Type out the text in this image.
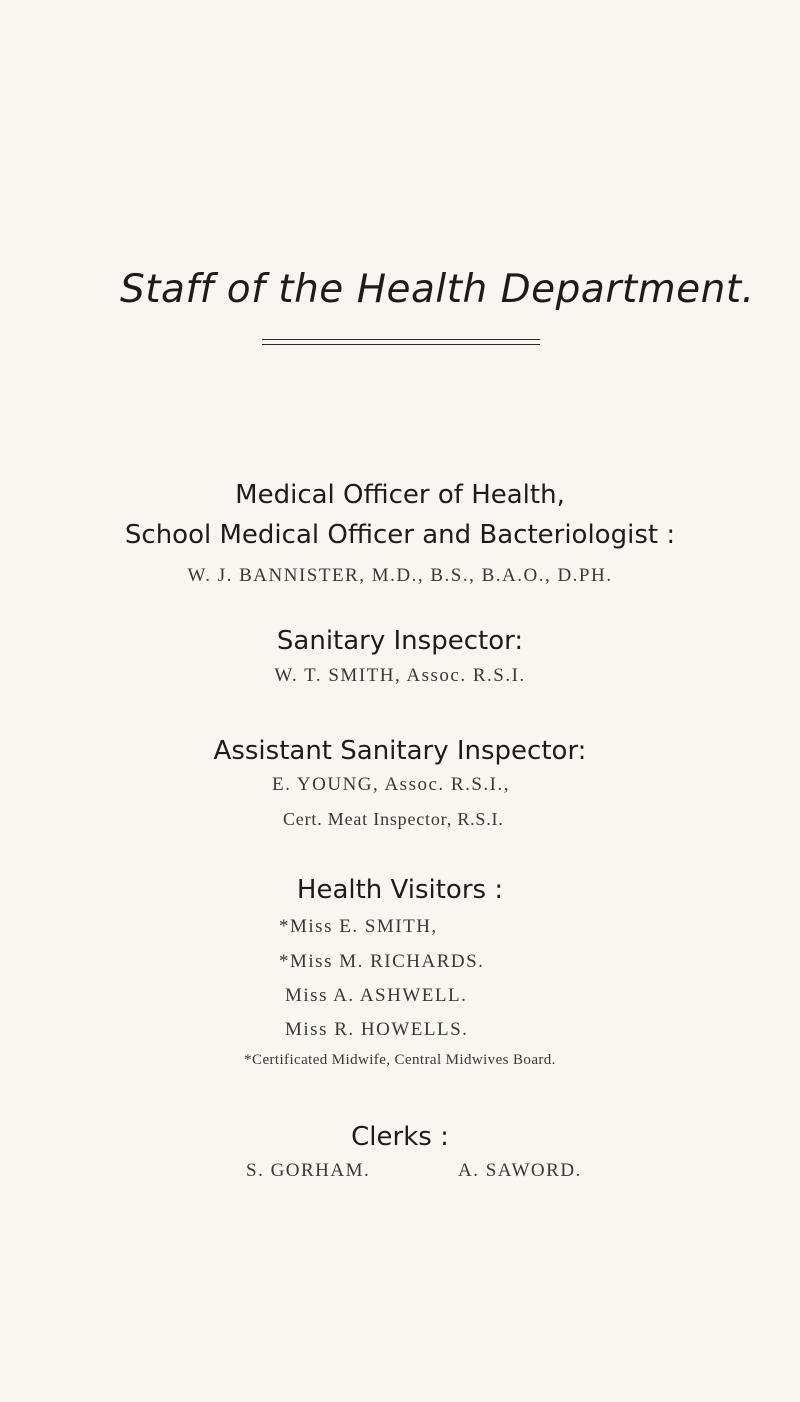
Staff of the Health Department.
Medical Officer of Health,
School Medical Officer and Bacteriologist :
W. J. BANNISTER, M.D., B.S., B.A.O., D.PH.
Sanitary Inspector:
W. T. SMITH, Assoc. R.S.I.
Assistant Sanitary Inspector:
E. YOUNG, Assoc. R.S.I.,
Cert. Meat Inspector, R.S.I.
Health Visitors :
*Miss E. SMITH,
*Miss M. RICHARDS.
Miss A. ASHWELL.
Miss R. HOWELLS.
*Certificated Midwife, Central Midwives Board.
Clerks :
S. GORHAM.	A. SAWORD.
